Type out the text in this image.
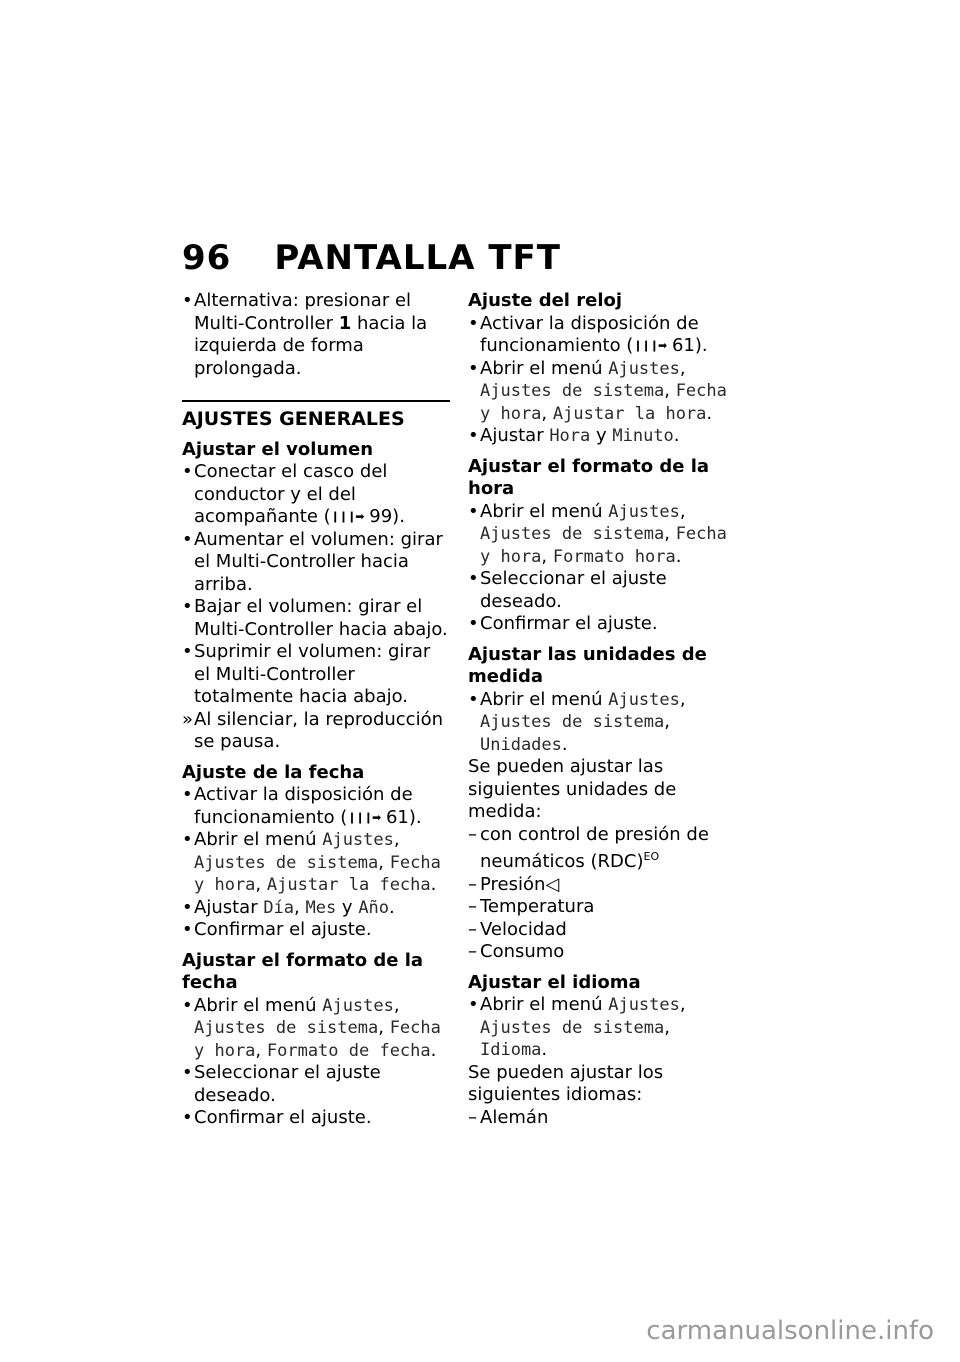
96 PANTALLA TFT
• Alternativa: presionar el Multi-Controller 1 hacia la izquierda de forma prolongada.
AJUSTES GENERALES
Ajustar el volumen
• Conectar el casco del conductor y el del acompañante (❙❙❙➡ 99).
• Aumentar el volumen: girar el Multi-Controller hacia arriba.
• Bajar el volumen: girar el Multi-Controller hacia abajo.
• Suprimir el volumen: girar el Multi-Controller totalmente hacia abajo.
» Al silenciar, la reproducción se pausa.
Ajuste de la fecha
• Activar la disposición de funcionamiento (❙❙❙➡ 61).
• Abrir el menú Ajustes, Ajustes de sistema, Fecha y hora, Ajustar la fecha.
• Ajustar Día, Mes y Año.
• Confirmar el ajuste.
Ajustar el formato de la fecha
• Abrir el menú Ajustes, Ajustes de sistema, Fecha y hora, Formato de fecha.
• Seleccionar el ajuste deseado.
• Confirmar el ajuste.
Ajuste del reloj
• Activar la disposición de funcionamiento (❙❙❙➡ 61).
• Abrir el menú Ajustes, Ajustes de sistema, Fecha y hora, Ajustar la hora.
• Ajustar Hora y Minuto.
Ajustar el formato de la hora
• Abrir el menú Ajustes, Ajustes de sistema, Fecha y hora, Formato hora.
• Seleccionar el ajuste deseado.
• Confirmar el ajuste.
Ajustar las unidades de medida
• Abrir el menú Ajustes, Ajustes de sistema, Unidades.
Se pueden ajustar las siguientes unidades de medida:
– con control de presión de neumáticos (RDC)$^{EO}$
– Presión◁
– Temperatura
– Velocidad
– Consumo
Ajustar el idioma
• Abrir el menú Ajustes, Ajustes de sistema, Idioma.
Se pueden ajustar los siguientes idiomas:
– Alemán
carmanualsonline.info
